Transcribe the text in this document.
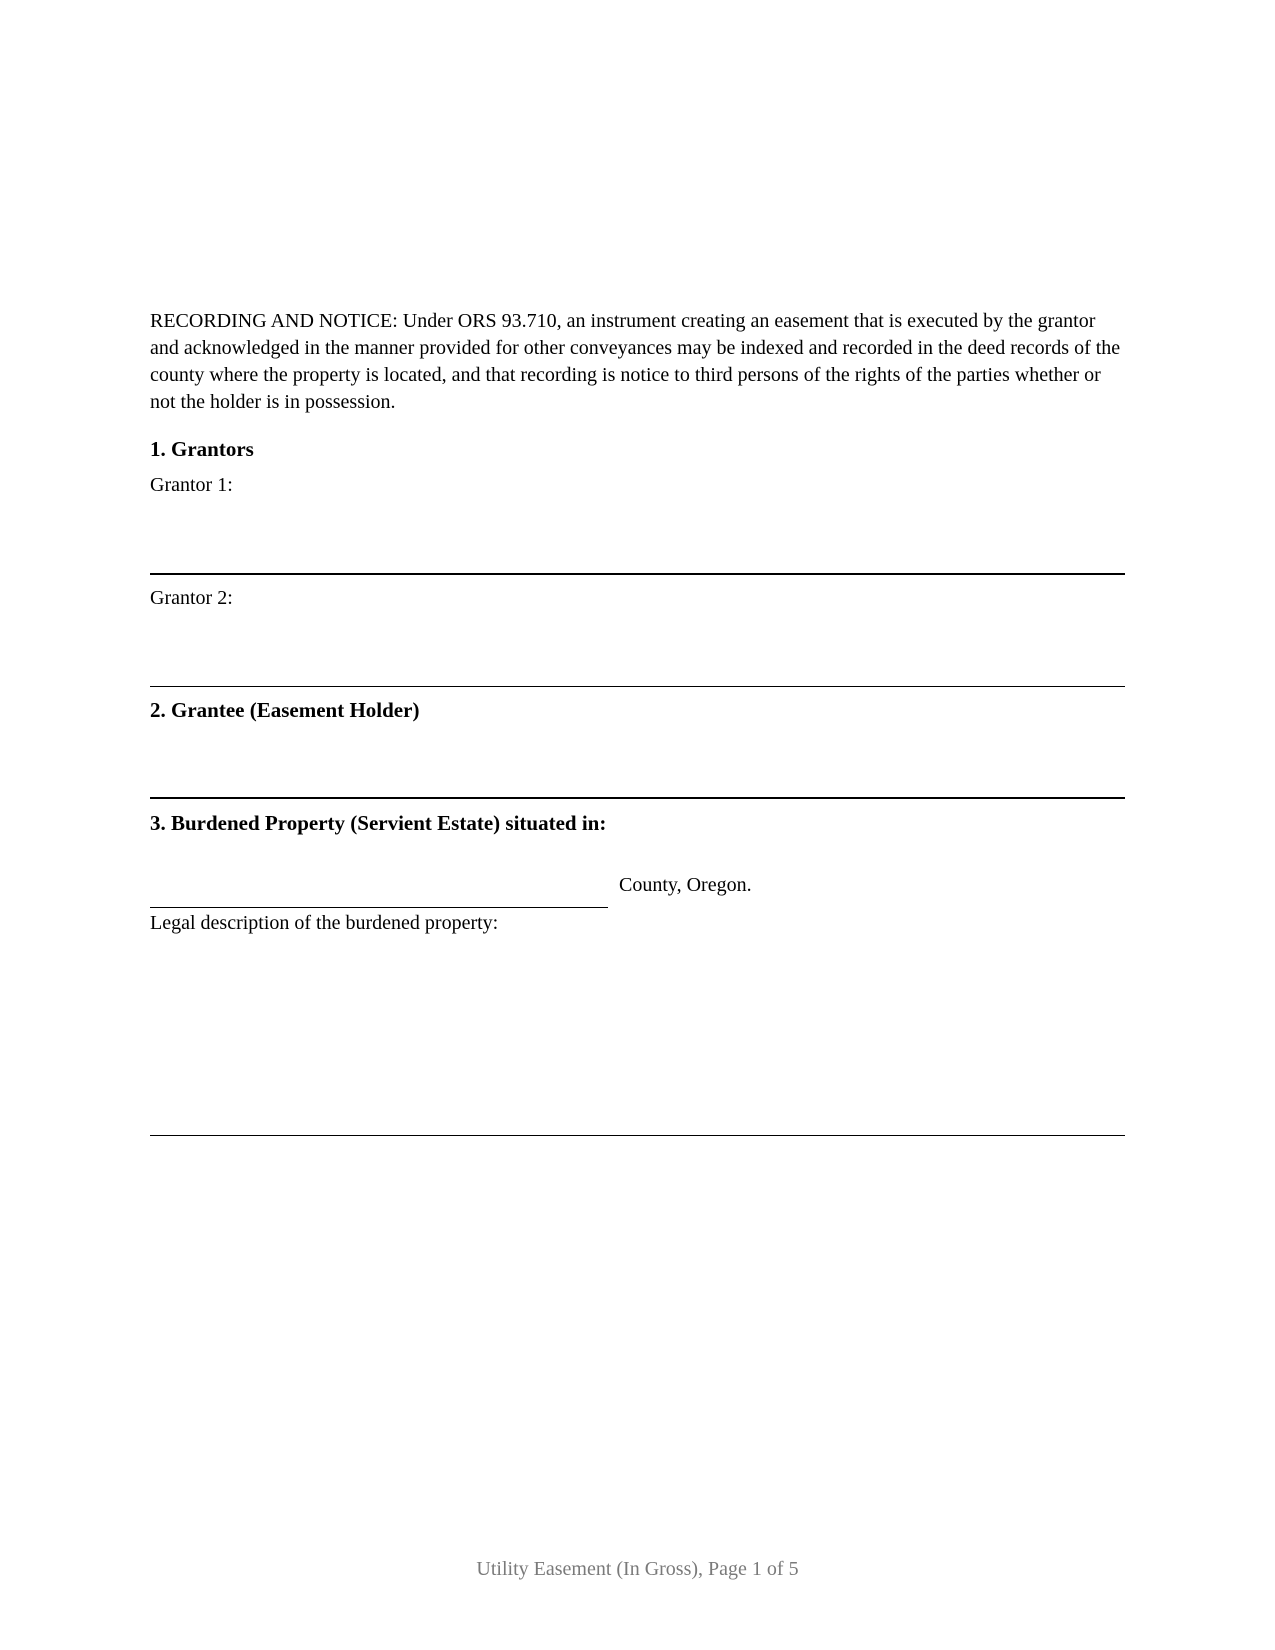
RECORDING AND NOTICE: Under ORS 93.710, an instrument creating an easement that is executed by the grantor and acknowledged in the manner provided for other conveyances may be indexed and recorded in the deed records of the county where the property is located, and that recording is notice to third persons of the rights of the parties whether or not the holder is in possession.
1. Grantors
Grantor 1:
Grantor 2:
2. Grantee (Easement Holder)
3. Burdened Property (Servient Estate) situated in:
County, Oregon.
Legal description of the burdened property:
Utility Easement (In Gross), Page 1 of 5
